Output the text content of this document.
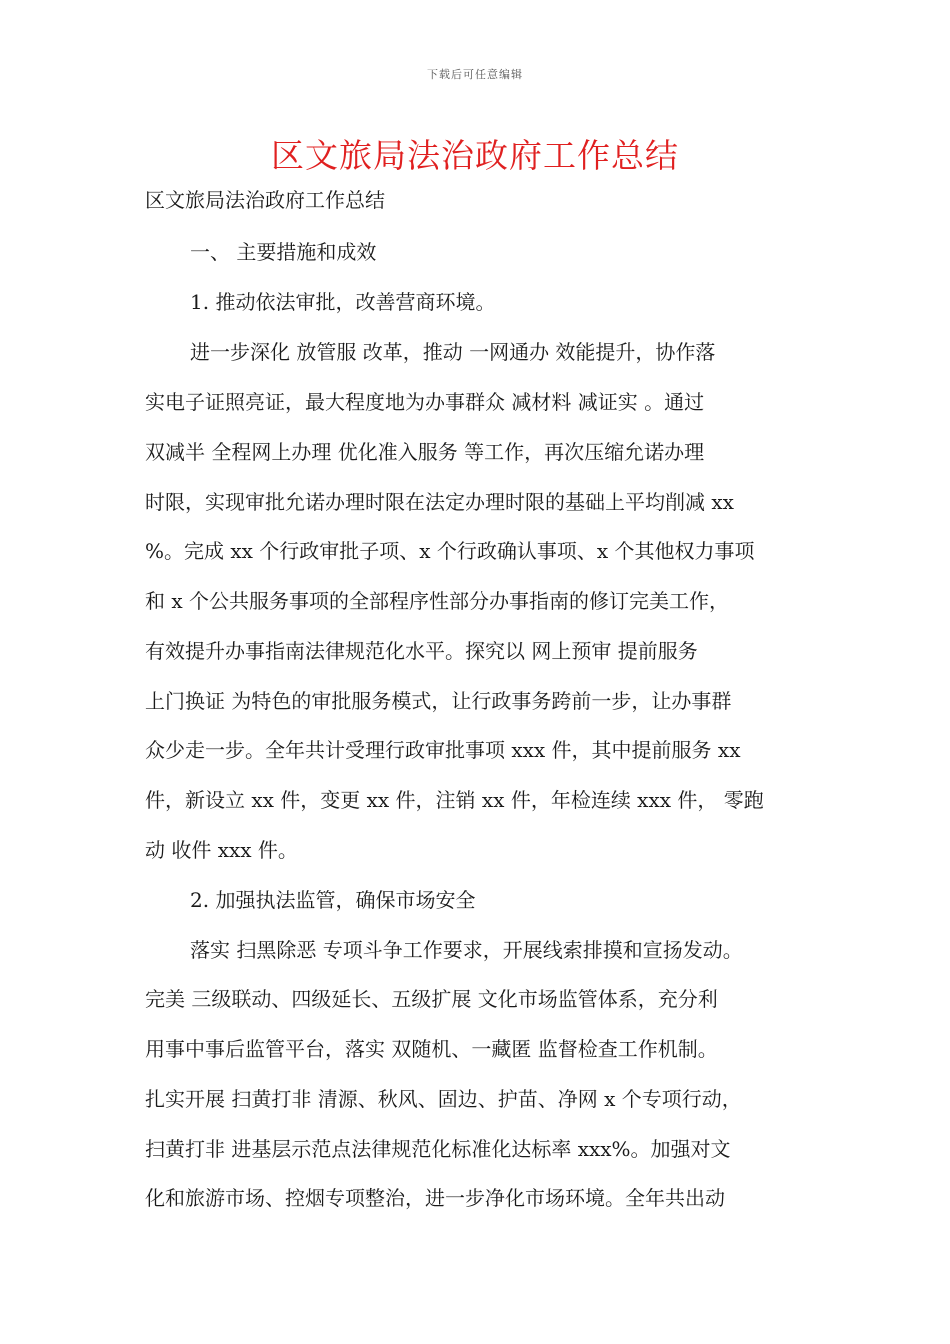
下载后可任意编辑
区文旅局法治政府工作总结
区文旅局法治政府工作总结
一、 主要措施和成效
1. 推动依法审批，改善营商环境。
进一步深化 放管服 改革，推动 一网通办 效能提升，协作落
实电子证照亮证，最大程度地为办事群众 减材料 减证实 。通过
双减半 全程网上办理 优化准入服务 等工作，再次压缩允诺办理
时限，实现审批允诺办理时限在法定办理时限的基础上平均削减 xx
%。完成 xx 个行政审批子项、x 个行政确认事项、x 个其他权力事项
和 x 个公共服务事项的全部程序性部分办事指南的修订完美工作，
有效提升办事指南法律规范化水平。探究以 网上预审 提前服务
上门换证 为特色的审批服务模式，让行政事务跨前一步，让办事群
众少走一步。全年共计受理行政审批事项 xxx 件，其中提前服务 xx
件，新设立 xx 件，变更 xx 件，注销 xx 件，年检连续 xxx 件， 零跑
动 收件 xxx 件。
2. 加强执法监管，确保市场安全
落实 扫黑除恶 专项斗争工作要求，开展线索排摸和宣扬发动。
完美 三级联动、四级延长、五级扩展 文化市场监管体系，充分利
用事中事后监管平台，落实 双随机、一藏匿 监督检查工作机制。
扎实开展 扫黄打非 清源、秋风、固边、护苗、净网 x 个专项行动，
扫黄打非 进基层示范点法律规范化标准化达标率 xxx%。加强对文
化和旅游市场、控烟专项整治，进一步净化市场环境。全年共出动
